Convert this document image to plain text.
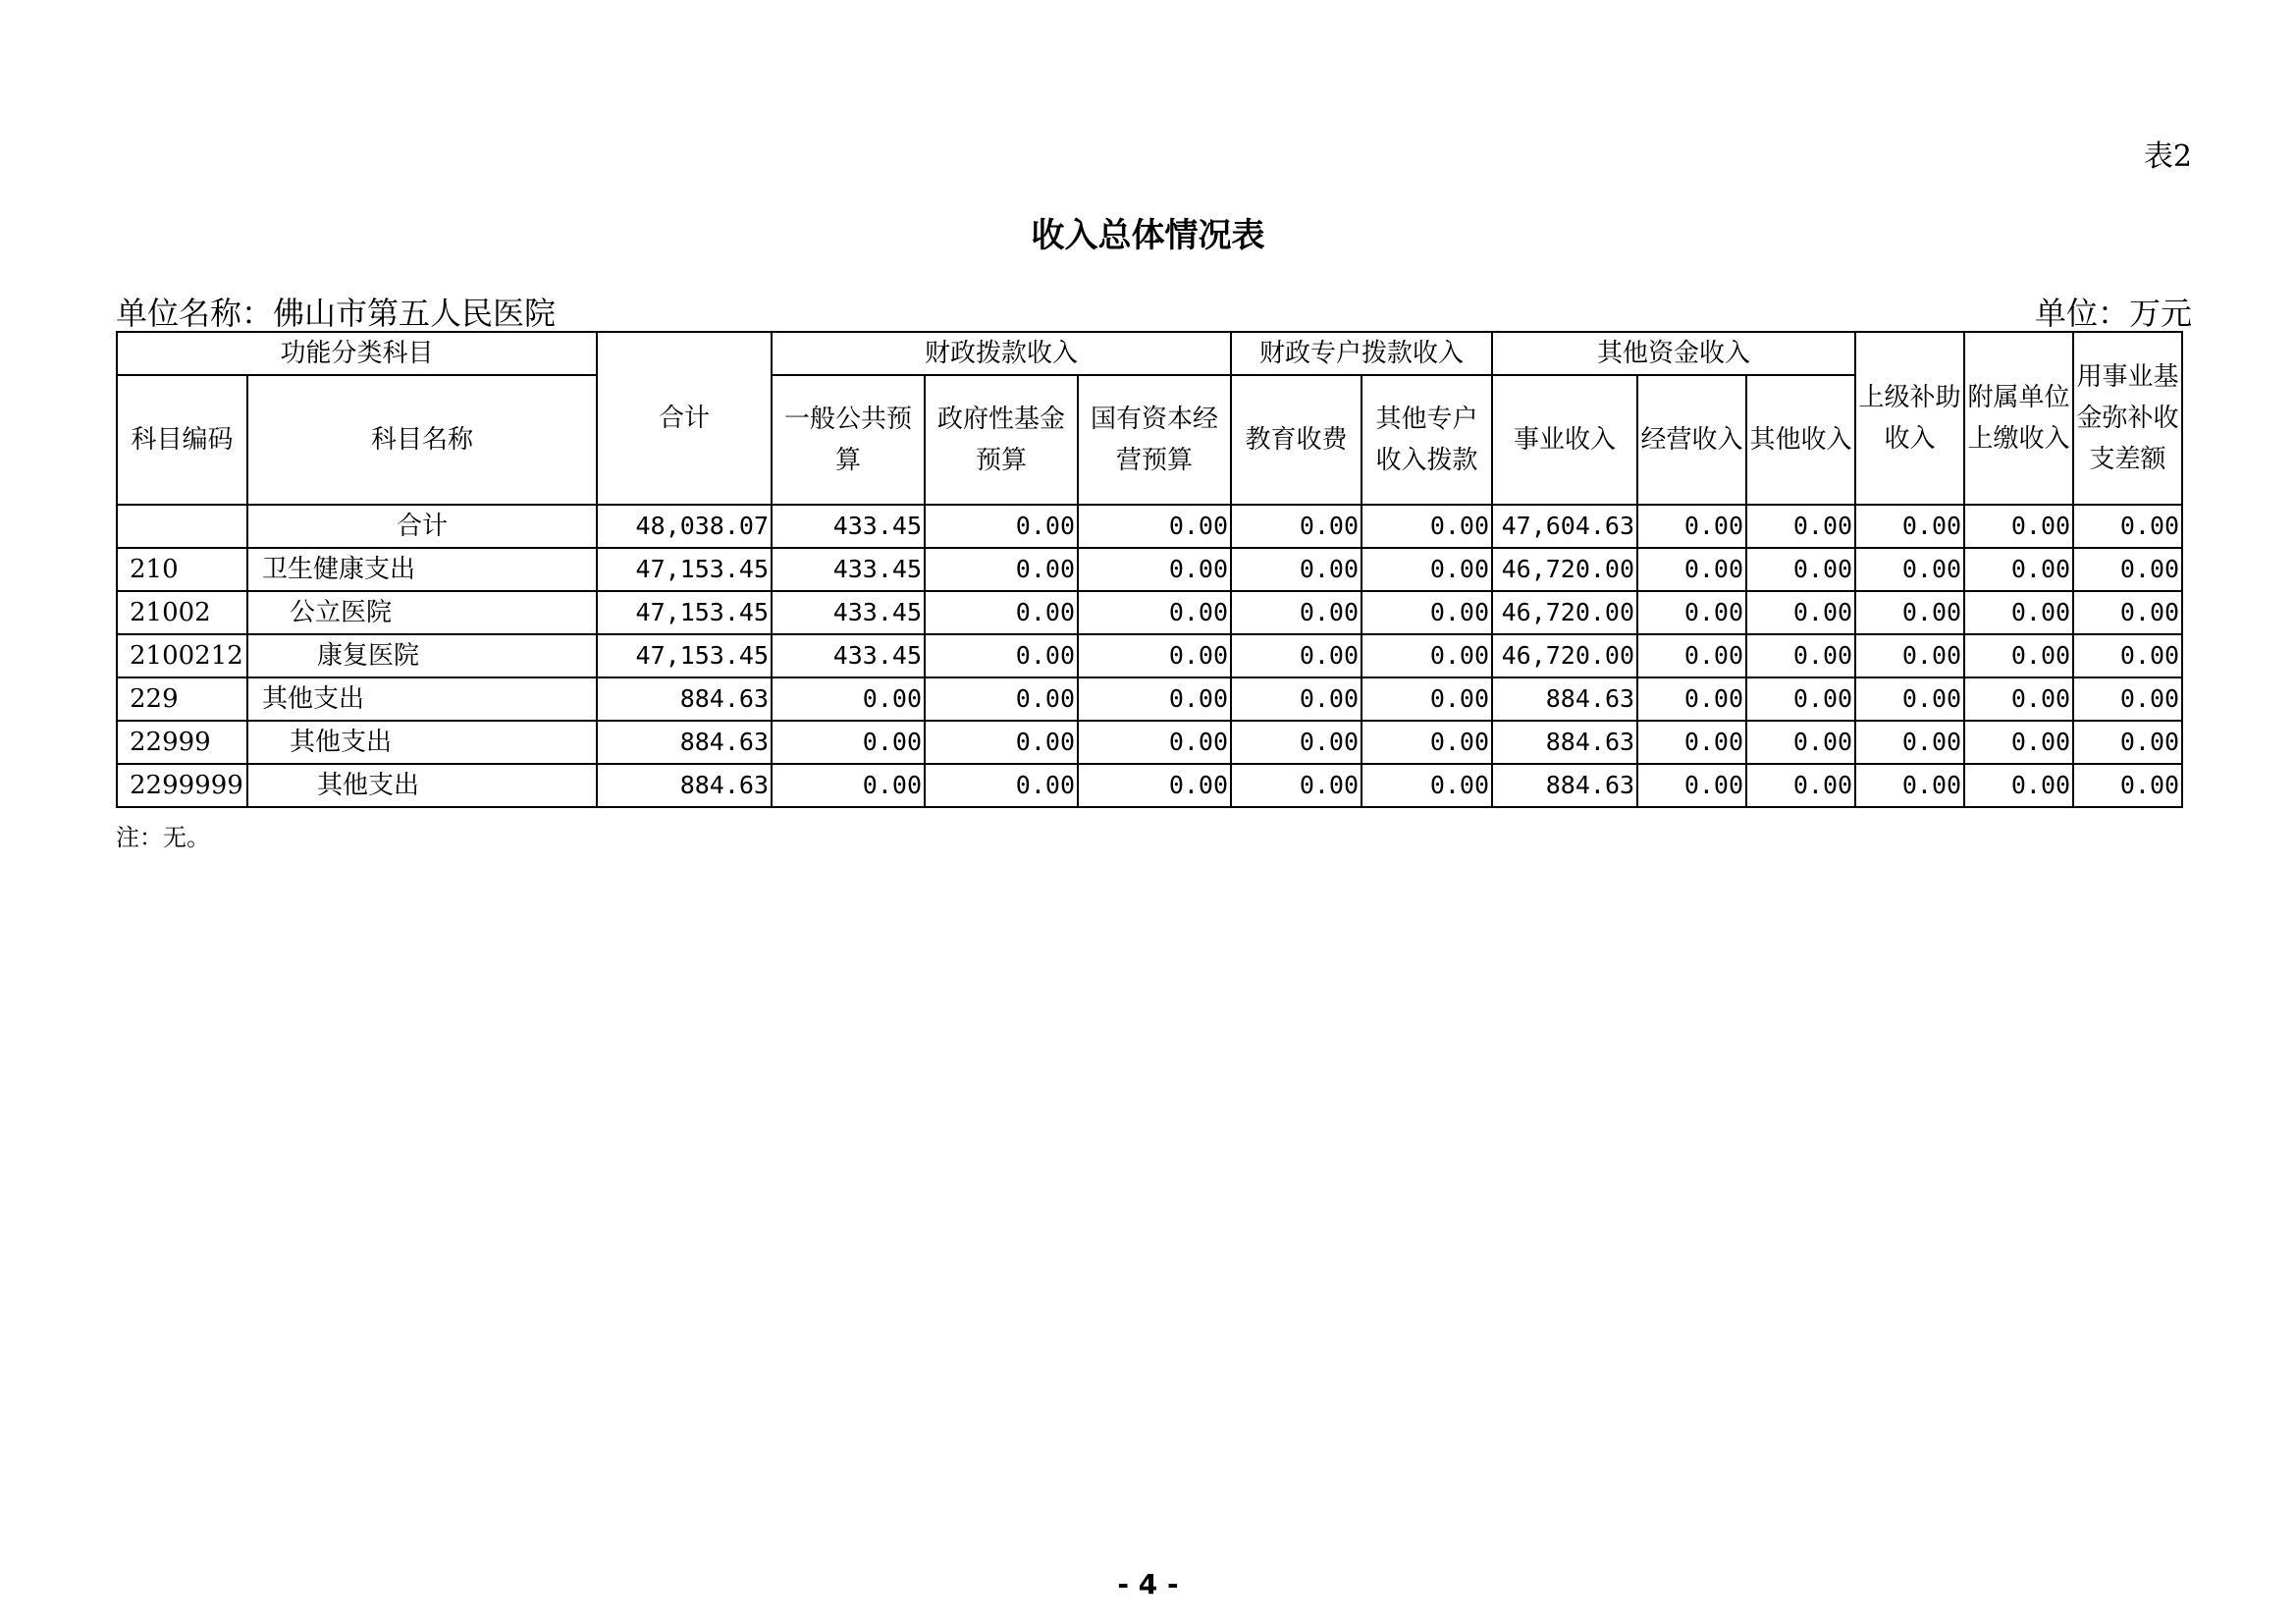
表2
收入总体情况表
单位名称：佛山市第五人民医院	单位：万元
功能分类科目		合计	财政拨款收入			财政专户拨款收入		其他资金收入			上级补助收入	附属单位上缴收入	用事业基金弥补收支差额
科目编码	科目名称		一般公共预算	政府性基金预算	国有资本经营预算	教育收费	其他专户收入拨款	事业收入	经营收入	其他收入			
	合计	48,038.07	433.45	0.00	0.00	0.00	0.00	47,604.63	0.00	0.00	0.00	0.00	0.00
210	卫生健康支出	47,153.45	433.45	0.00	0.00	0.00	0.00	46,720.00	0.00	0.00	0.00	0.00	0.00
21002	公立医院	47,153.45	433.45	0.00	0.00	0.00	0.00	46,720.00	0.00	0.00	0.00	0.00	0.00
2100212	康复医院	47,153.45	433.45	0.00	0.00	0.00	0.00	46,720.00	0.00	0.00	0.00	0.00	0.00
229	其他支出	884.63	0.00	0.00	0.00	0.00	0.00	884.63	0.00	0.00	0.00	0.00	0.00
22999	其他支出	884.63	0.00	0.00	0.00	0.00	0.00	884.63	0.00	0.00	0.00	0.00	0.00
2299999	其他支出	884.63	0.00	0.00	0.00	0.00	0.00	884.63	0.00	0.00	0.00	0.00	0.00
注：无。
- 4 -
